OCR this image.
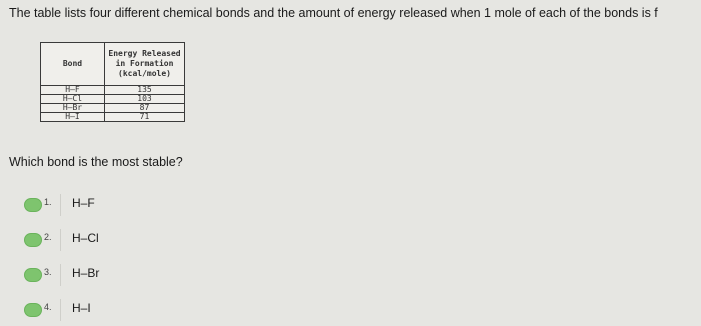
The table lists four different chemical bonds and the amount of energy released when 1 mole of each of the bonds is f
Bond	Energy Released
in Formation
(kcal/mole)

H–F	135
H–Cl	103
H–Br	87
H–I	71
Which bond is the most stable?
1. H–F
2. H–Cl
3. H–Br
4. H–I
